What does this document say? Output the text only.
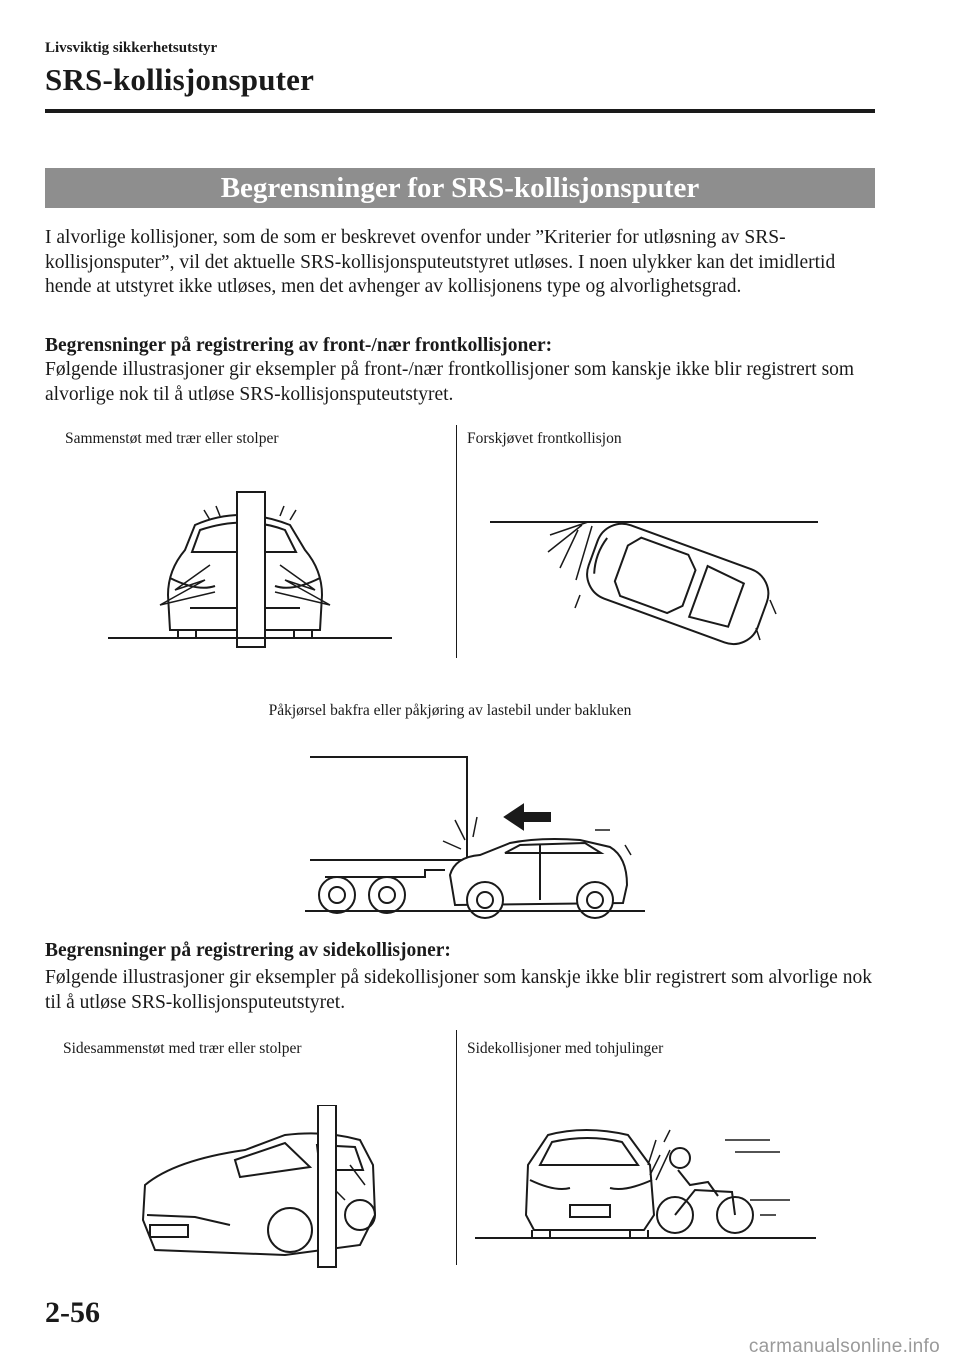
Livsviktig sikkerhetsutstyr
SRS-kollisjonsputer
Begrensninger for SRS-kollisjonsputer
I alvorlige kollisjoner, som de som er beskrevet ovenfor under ”Kriterier for utløsning av SRS-kollisjonsputer”, vil det aktuelle SRS-kollisjonsputeutstyret utløses. I noen ulykker kan det imidlertid hende at utstyret ikke utløses, men det avhenger av kollisjonens type og alvorlighetsgrad.
Begrensninger på registrering av front-/nær frontkollisjoner:
Følgende illustrasjoner gir eksempler på front-/nær frontkollisjoner som kanskje ikke blir registrert som alvorlige nok til å utløse SRS-kollisjonsputeutstyret.
Sammenstøt med trær eller stolper	Forskjøvet frontkollisjon
Påkjørsel bakfra eller påkjøring av lastebil under bakluken
Begrensninger på registrering av sidekollisjoner:
Følgende illustrasjoner gir eksempler på sidekollisjoner som kanskje ikke blir registrert som alvorlige nok til å utløse SRS-kollisjonsputeutstyret.
Sidesammenstøt med trær eller stolper	Sidekollisjoner med tohjulinger
2-56
carmanualsonline.info
